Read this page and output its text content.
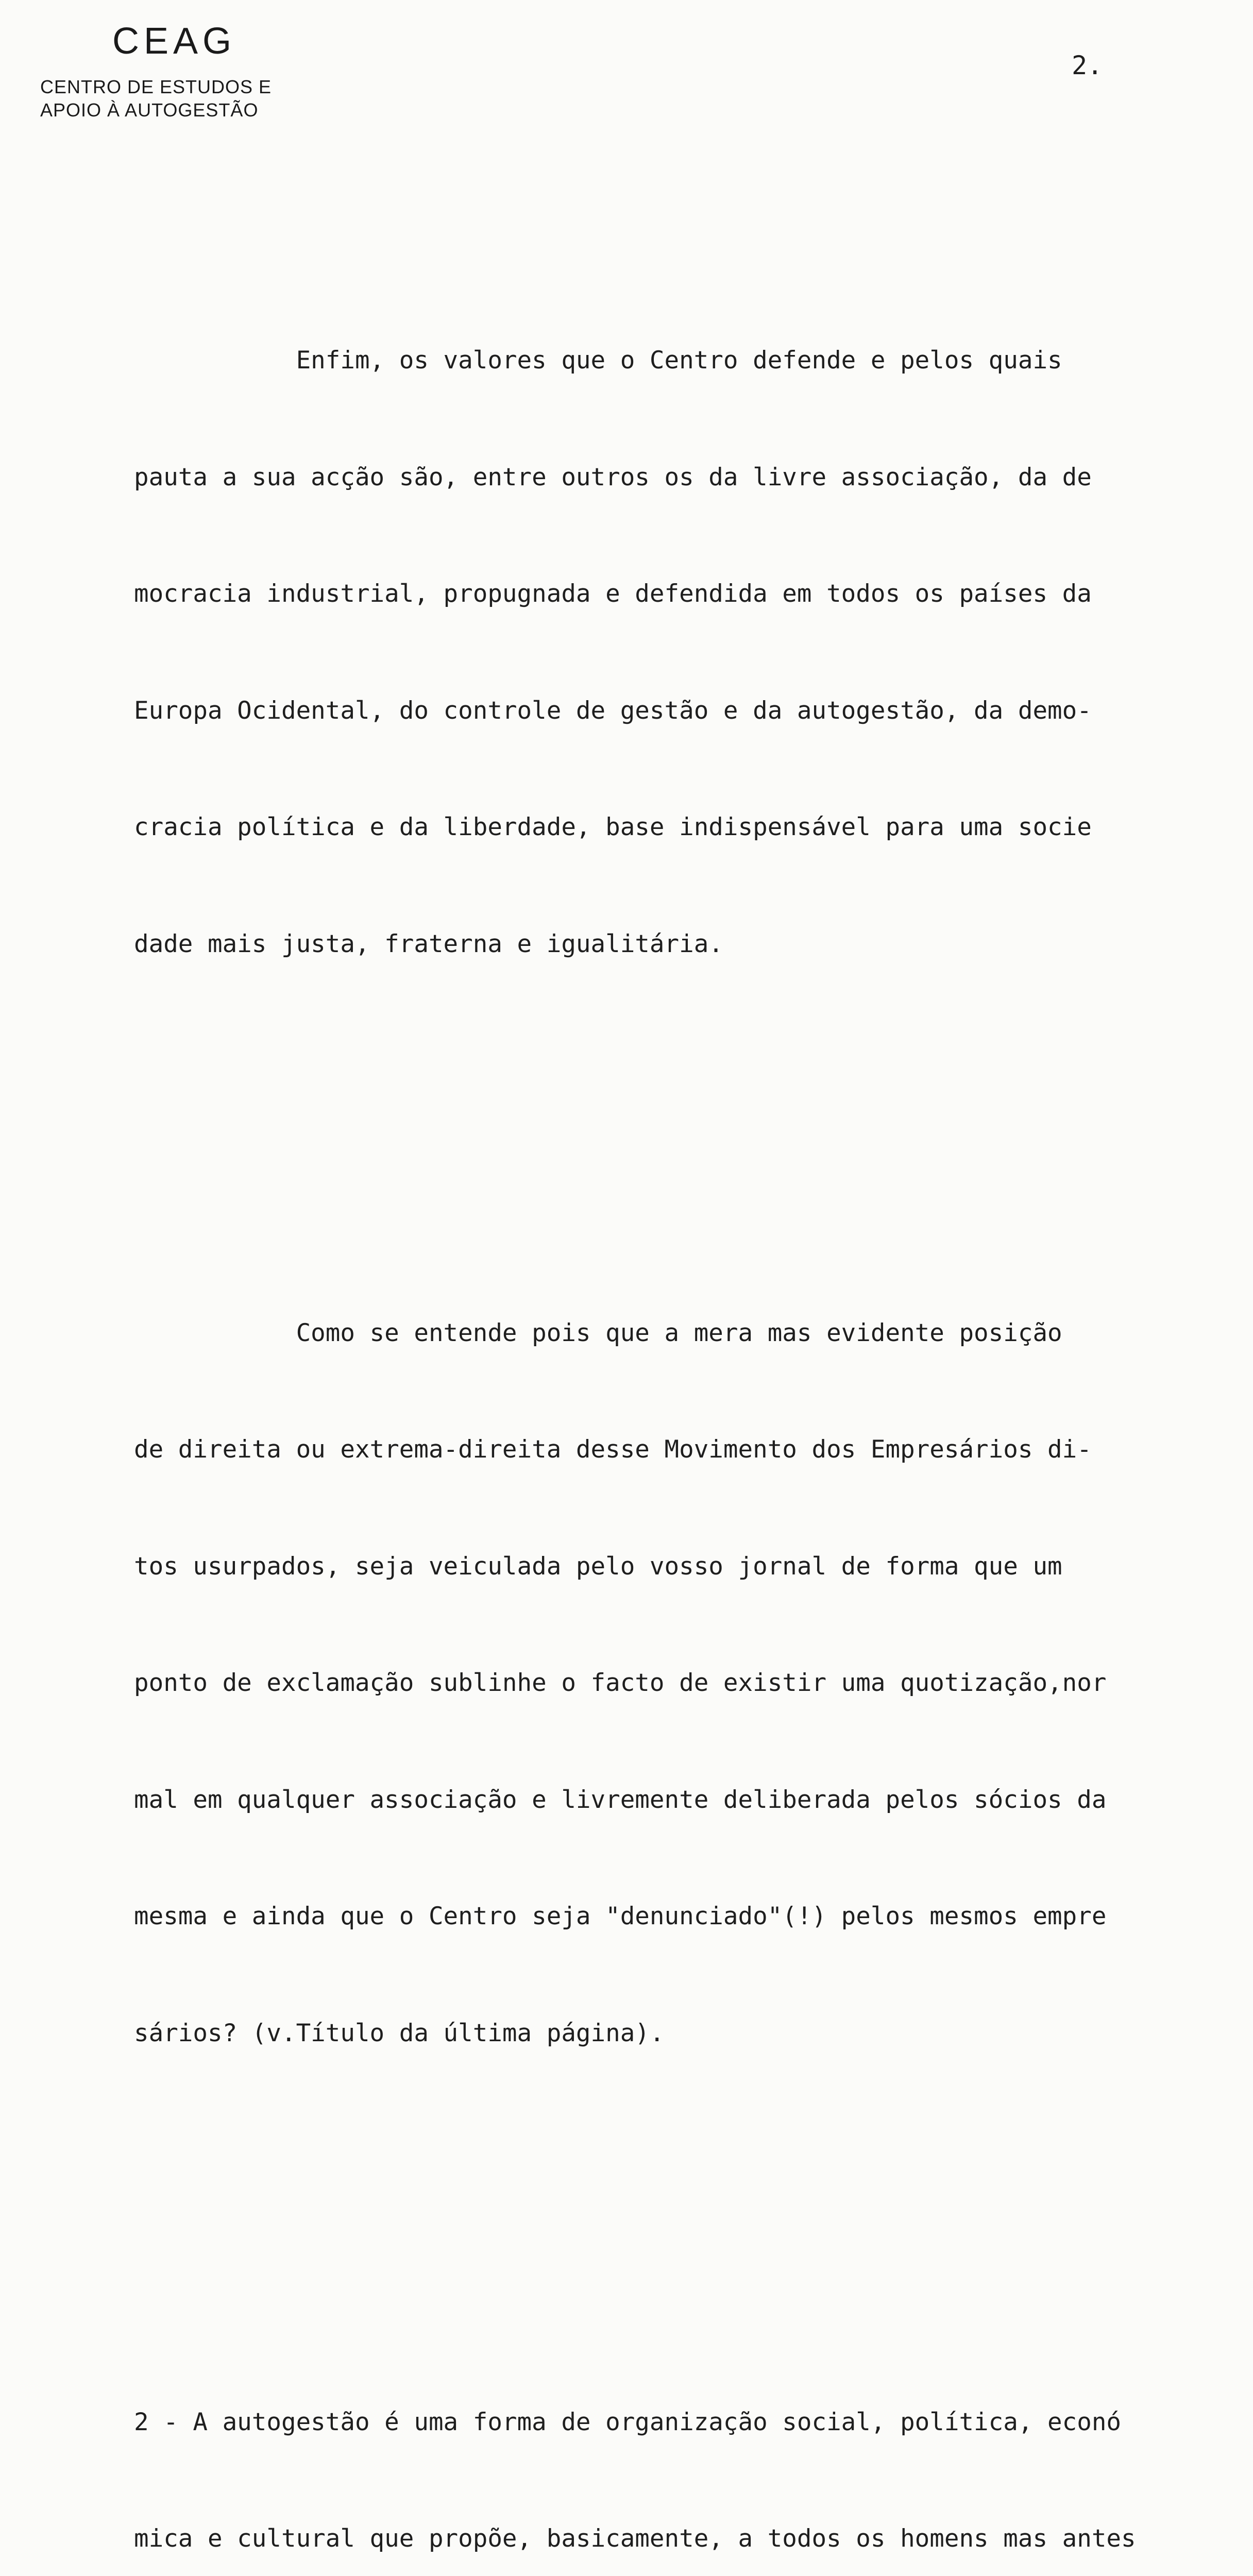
CEAG
CENTRO DE ESTUDOS E
APOIO À AUTOGESTÃO
2.

Enfim, os valores que o Centro defende e pelos quais

pauta a sua acção são, entre outros os da livre associação, da de

mocracia industrial, propugnada e defendida em todos os países da

Europa Ocidental, do controle de gestão e da autogestão, da demo-

cracia política e da liberdade, base indispensável para uma socie

dade mais justa, fraterna e igualitária.

Como se entende pois que a mera mas evidente posição

de direita ou extrema-direita desse Movimento dos Empresários di-

tos usurpados, seja veiculada pelo vosso jornal de forma que um

ponto de exclamação sublinhe o facto de existir uma quotização,nor

mal em qualquer associação e livremente deliberada pelos sócios da

mesma e ainda que o Centro seja "denunciado"(!) pelos mesmos empre

sários? (v.Título da última página).

2 - A autogestão é uma forma de organização social, política, econó

mica e cultural que propõe, basicamente, a todos os homens mas antes
